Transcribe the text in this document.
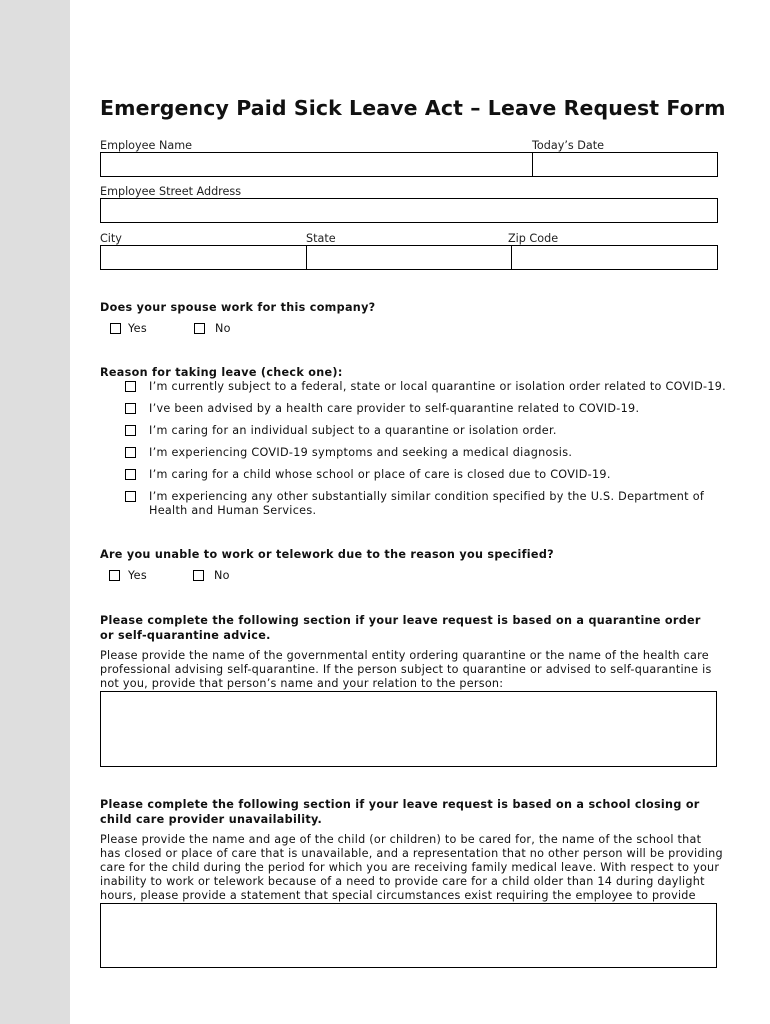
Emergency Paid Sick Leave Act – Leave Request Form
Employee Name	Today’s Date
Employee Street Address
City	State	Zip Code
Does your spouse work for this company?
Yes	No
Reason for taking leave (check one):
I’m currently subject to a federal, state or local quarantine or isolation order related to COVID-19.
I’ve been advised by a health care provider to self-quarantine related to COVID-19.
I’m caring for an individual subject to a quarantine or isolation order.
I’m experiencing COVID-19 symptoms and seeking a medical diagnosis.
I’m caring for a child whose school or place of care is closed due to COVID-19.
I’m experiencing any other substantially similar condition specified by the U.S. Department of Health and Human Services.
Are you unable to work or telework due to the reason you specified?
Yes	No
Please complete the following section if your leave request is based on a quarantine order or self-quarantine advice.
Please provide the name of the governmental entity ordering quarantine or the name of the health care professional advising self-quarantine. If the person subject to quarantine or advised to self-quarantine is not you, provide that person’s name and your relation to the person:
Please complete the following section if your leave request is based on a school closing or child care provider unavailability.
Please provide the name and age of the child (or children) to be cared for, the name of the school that has closed or place of care that is unavailable, and a representation that no other person will be providing care for the child during the period for which you are receiving family medical leave. With respect to your inability to work or telework because of a need to provide care for a child older than 14 during daylight hours, please provide a statement that special circumstances exist requiring the employee to provide
